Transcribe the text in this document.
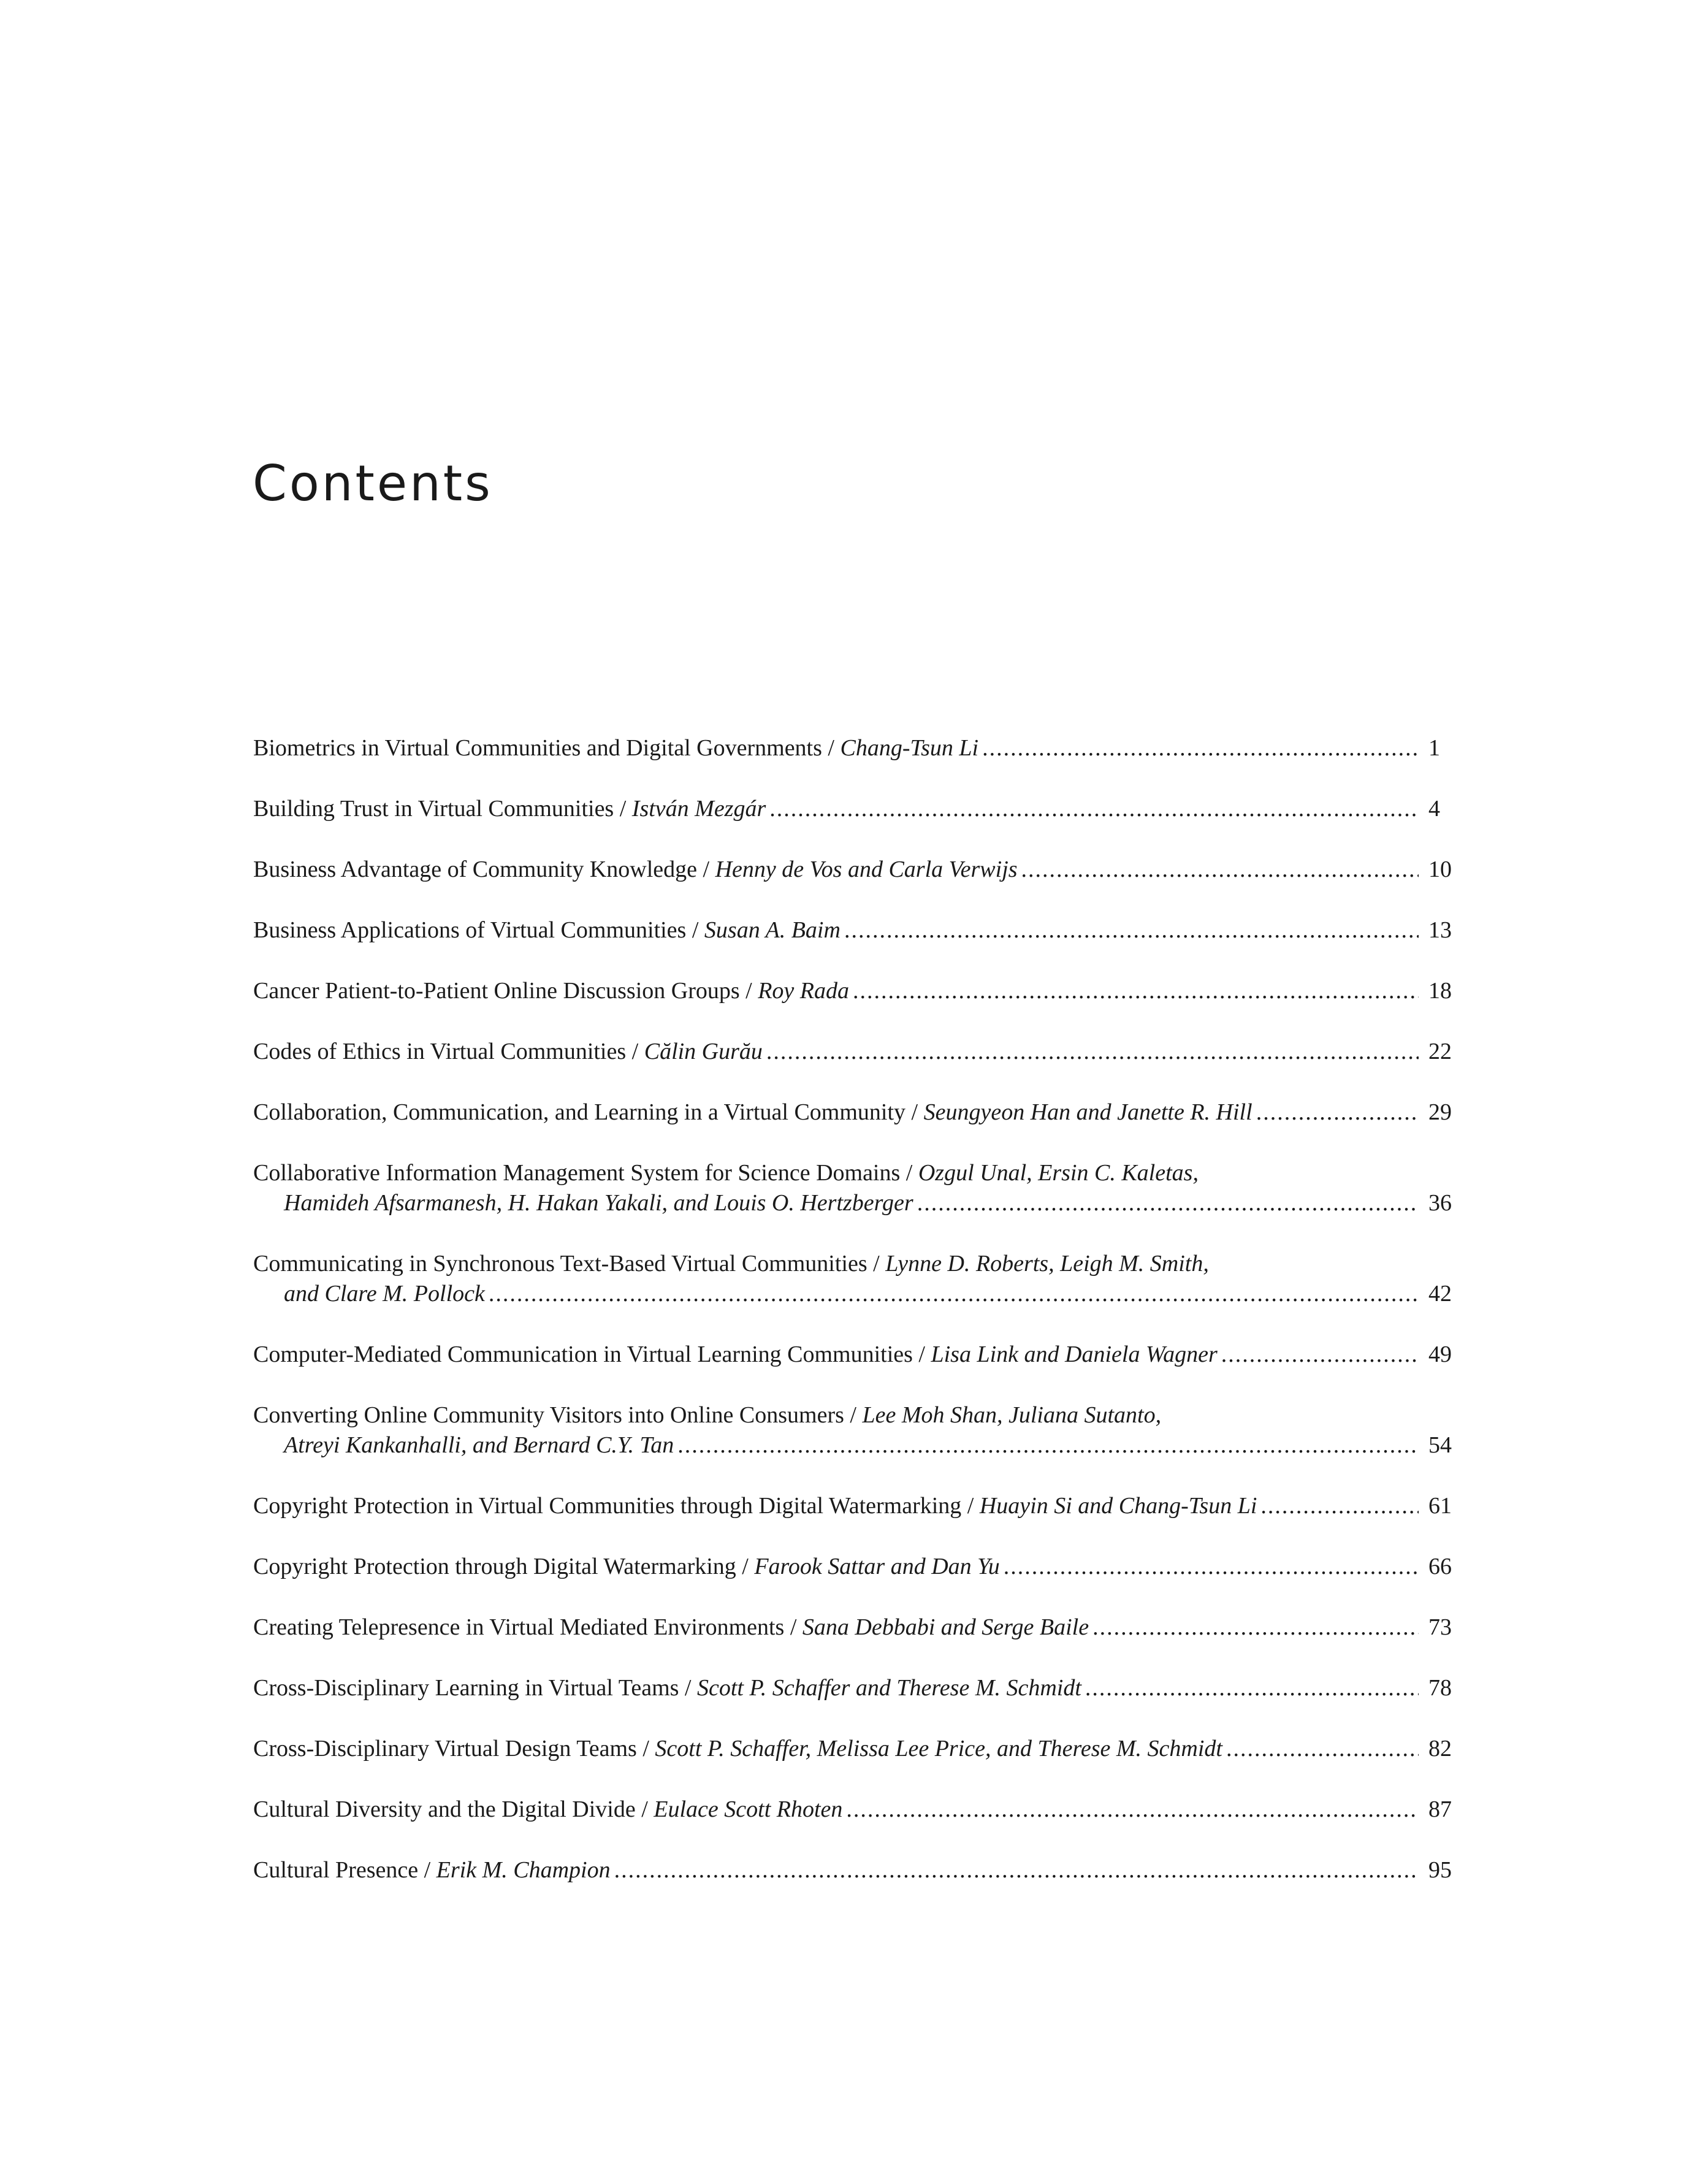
Contents
Biometrics in Virtual Communities and Digital Governments / Chang-Tsun Li .....	1
Building Trust in Virtual Communities / István Mezgár .....	4
Business Advantage of Community Knowledge / Henny de Vos and Carla Verwijs .....	10
Business Applications of Virtual Communities / Susan A. Baim .....	13
Cancer Patient-to-Patient Online Discussion Groups / Roy Rada .....	18
Codes of Ethics in Virtual Communities / Călin Gurău .....	22
Collaboration, Communication, and Learning in a Virtual Community / Seungyeon Han and Janette R. Hill .....	29
Collaborative Information Management System for Science Domains / Ozgul Unal, Ersin C. Kaletas,
Hamideh Afsarmanesh, H. Hakan Yakali, and Louis O. Hertzberger .....	36
Communicating in Synchronous Text-Based Virtual Communities / Lynne D. Roberts, Leigh M. Smith,
and Clare M. Pollock .....	42
Computer-Mediated Communication in Virtual Learning Communities / Lisa Link and Daniela Wagner .....	49
Converting Online Community Visitors into Online Consumers / Lee Moh Shan, Juliana Sutanto,
Atreyi Kankanhalli, and Bernard C.Y. Tan .....	54
Copyright Protection in Virtual Communities through Digital Watermarking / Huayin Si and Chang-Tsun Li .....	61
Copyright Protection through Digital Watermarking / Farook Sattar and Dan Yu .....	66
Creating Telepresence in Virtual Mediated Environments / Sana Debbabi and Serge Baile .....	73
Cross-Disciplinary Learning in Virtual Teams / Scott P. Schaffer and Therese M. Schmidt .....	78
Cross-Disciplinary Virtual Design Teams / Scott P. Schaffer, Melissa Lee Price, and Therese M. Schmidt .....	82
Cultural Diversity and the Digital Divide / Eulace Scott Rhoten .....	87
Cultural Presence / Erik M. Champion .....	95
